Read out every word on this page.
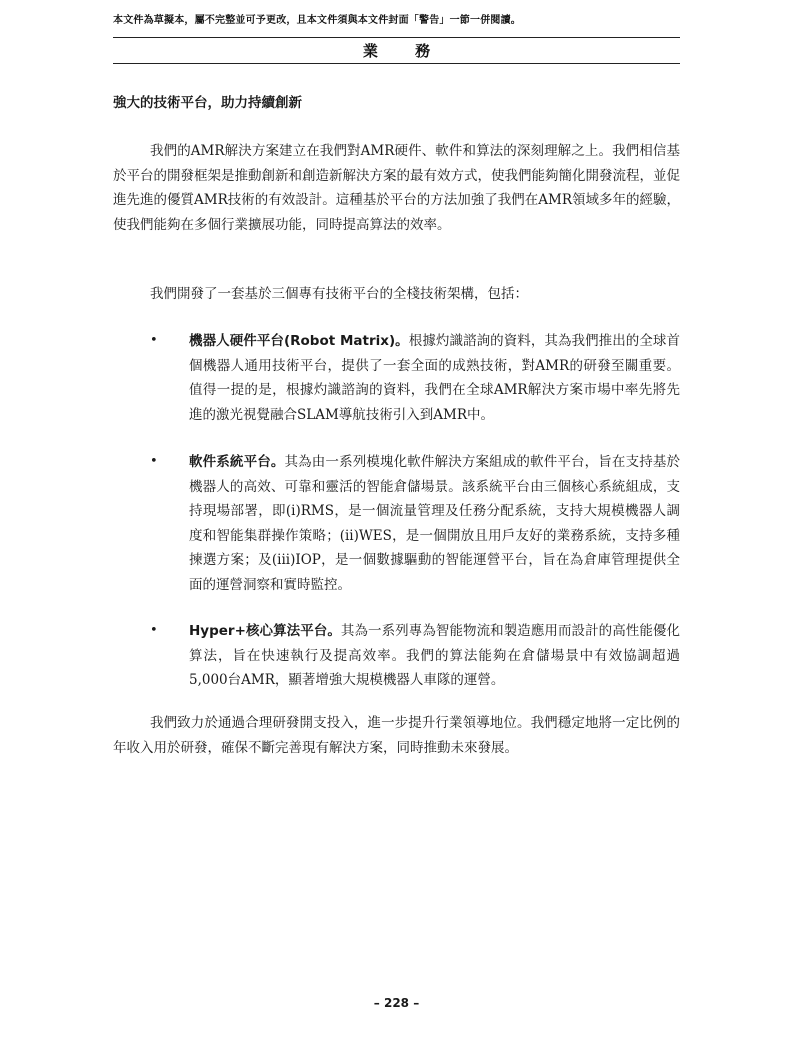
本文件為草擬本，屬不完整並可予更改，且本文件須與本文件封面「警告」一節一併閱讀。
業 務
強大的技術平台，助力持續創新

我們的AMR解決方案建立在我們對AMR硬件、軟件和算法的深刻理解之上。我們相信基於平台的開發框架是推動創新和創造新解決方案的最有效方式，使我們能夠簡化開發流程，並促進先進的優質AMR技術的有效設計。這種基於平台的方法加強了我們在AMR領域多年的經驗，使我們能夠在多個行業擴展功能，同時提高算法的效率。

我們開發了一套基於三個專有技術平台的全棧技術架構，包括：

• 機器人硬件平台(Robot Matrix)。根據灼識諮詢的資料，其為我們推出的全球首個機器人通用技術平台，提供了一套全面的成熟技術，對AMR的研發至關重要。值得一提的是，根據灼識諮詢的資料，我們在全球AMR解決方案市場中率先將先進的激光視覺融合SLAM導航技術引入到AMR中。

• 軟件系統平台。其為由一系列模塊化軟件解決方案組成的軟件平台，旨在支持基於機器人的高效、可靠和靈活的智能倉儲場景。該系統平台由三個核心系統組成，支持現場部署，即(i)RMS，是一個流量管理及任務分配系統，支持大規模機器人調度和智能集群操作策略；(ii)WES，是一個開放且用戶友好的業務系統，支持多種揀選方案；及(iii)IOP，是一個數據驅動的智能運營平台，旨在為倉庫管理提供全面的運營洞察和實時監控。

• Hyper+核心算法平台。其為一系列專為智能物流和製造應用而設計的高性能優化算法，旨在快速執行及提高效率。我們的算法能夠在倉儲場景中有效協調超過5,000台AMR，顯著增強大規模機器人車隊的運營。

我們致力於通過合理研發開支投入，進一步提升行業領導地位。我們穩定地將一定比例的年收入用於研發，確保不斷完善現有解決方案，同時推動未來發展。

– 228 –
